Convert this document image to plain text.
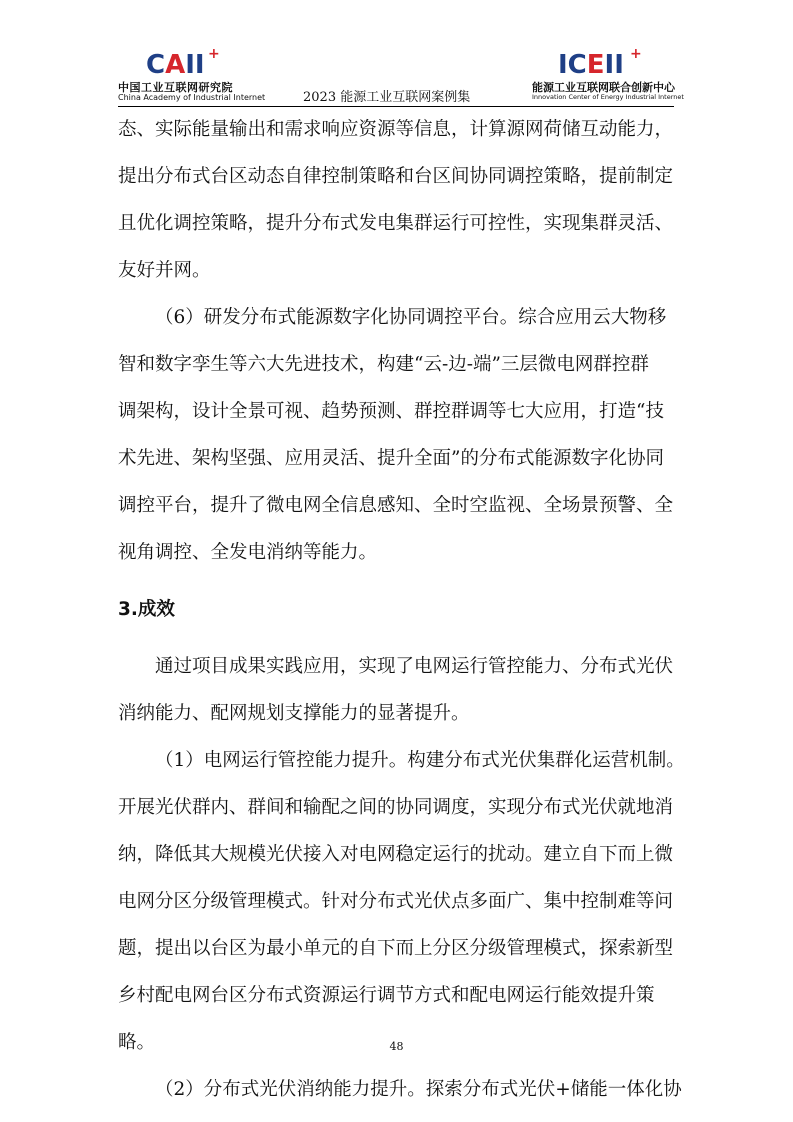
CAII +
中国工业互联网研究院
China Academy of Industrial Internet	2023 能源工业互联网案例集
ICEII +
能源工业互联网联合创新中心
Innovation Center of Energy Industrial Internet
态、实际能量输出和需求响应资源等信息，计算源网荷储互动能力，
提出分布式台区动态自律控制策略和台区间协同调控策略，提前制定
且优化调控策略，提升分布式发电集群运行可控性，实现集群灵活、
友好并网。
（6）研发分布式能源数字化协同调控平台。综合应用云大物移
智和数字孪生等六大先进技术，构建“云-边-端”三层微电网群控群
调架构，设计全景可视、趋势预测、群控群调等七大应用，打造“技
术先进、架构坚强、应用灵活、提升全面”的分布式能源数字化协同
调控平台，提升了微电网全信息感知、全时空监视、全场景预警、全
视角调控、全发电消纳等能力。
3.成效
通过项目成果实践应用，实现了电网运行管控能力、分布式光伏
消纳能力、配网规划支撑能力的显著提升。
（1）电网运行管控能力提升。构建分布式光伏集群化运营机制。
开展光伏群内、群间和输配之间的协同调度，实现分布式光伏就地消
纳，降低其大规模光伏接入对电网稳定运行的扰动。建立自下而上微
电网分区分级管理模式。针对分布式光伏点多面广、集中控制难等问
题，提出以台区为最小单元的自下而上分区分级管理模式，探索新型
乡村配电网台区分布式资源运行调节方式和配电网运行能效提升策
略。
（2）分布式光伏消纳能力提升。探索分布式光伏+储能一体化协
48
